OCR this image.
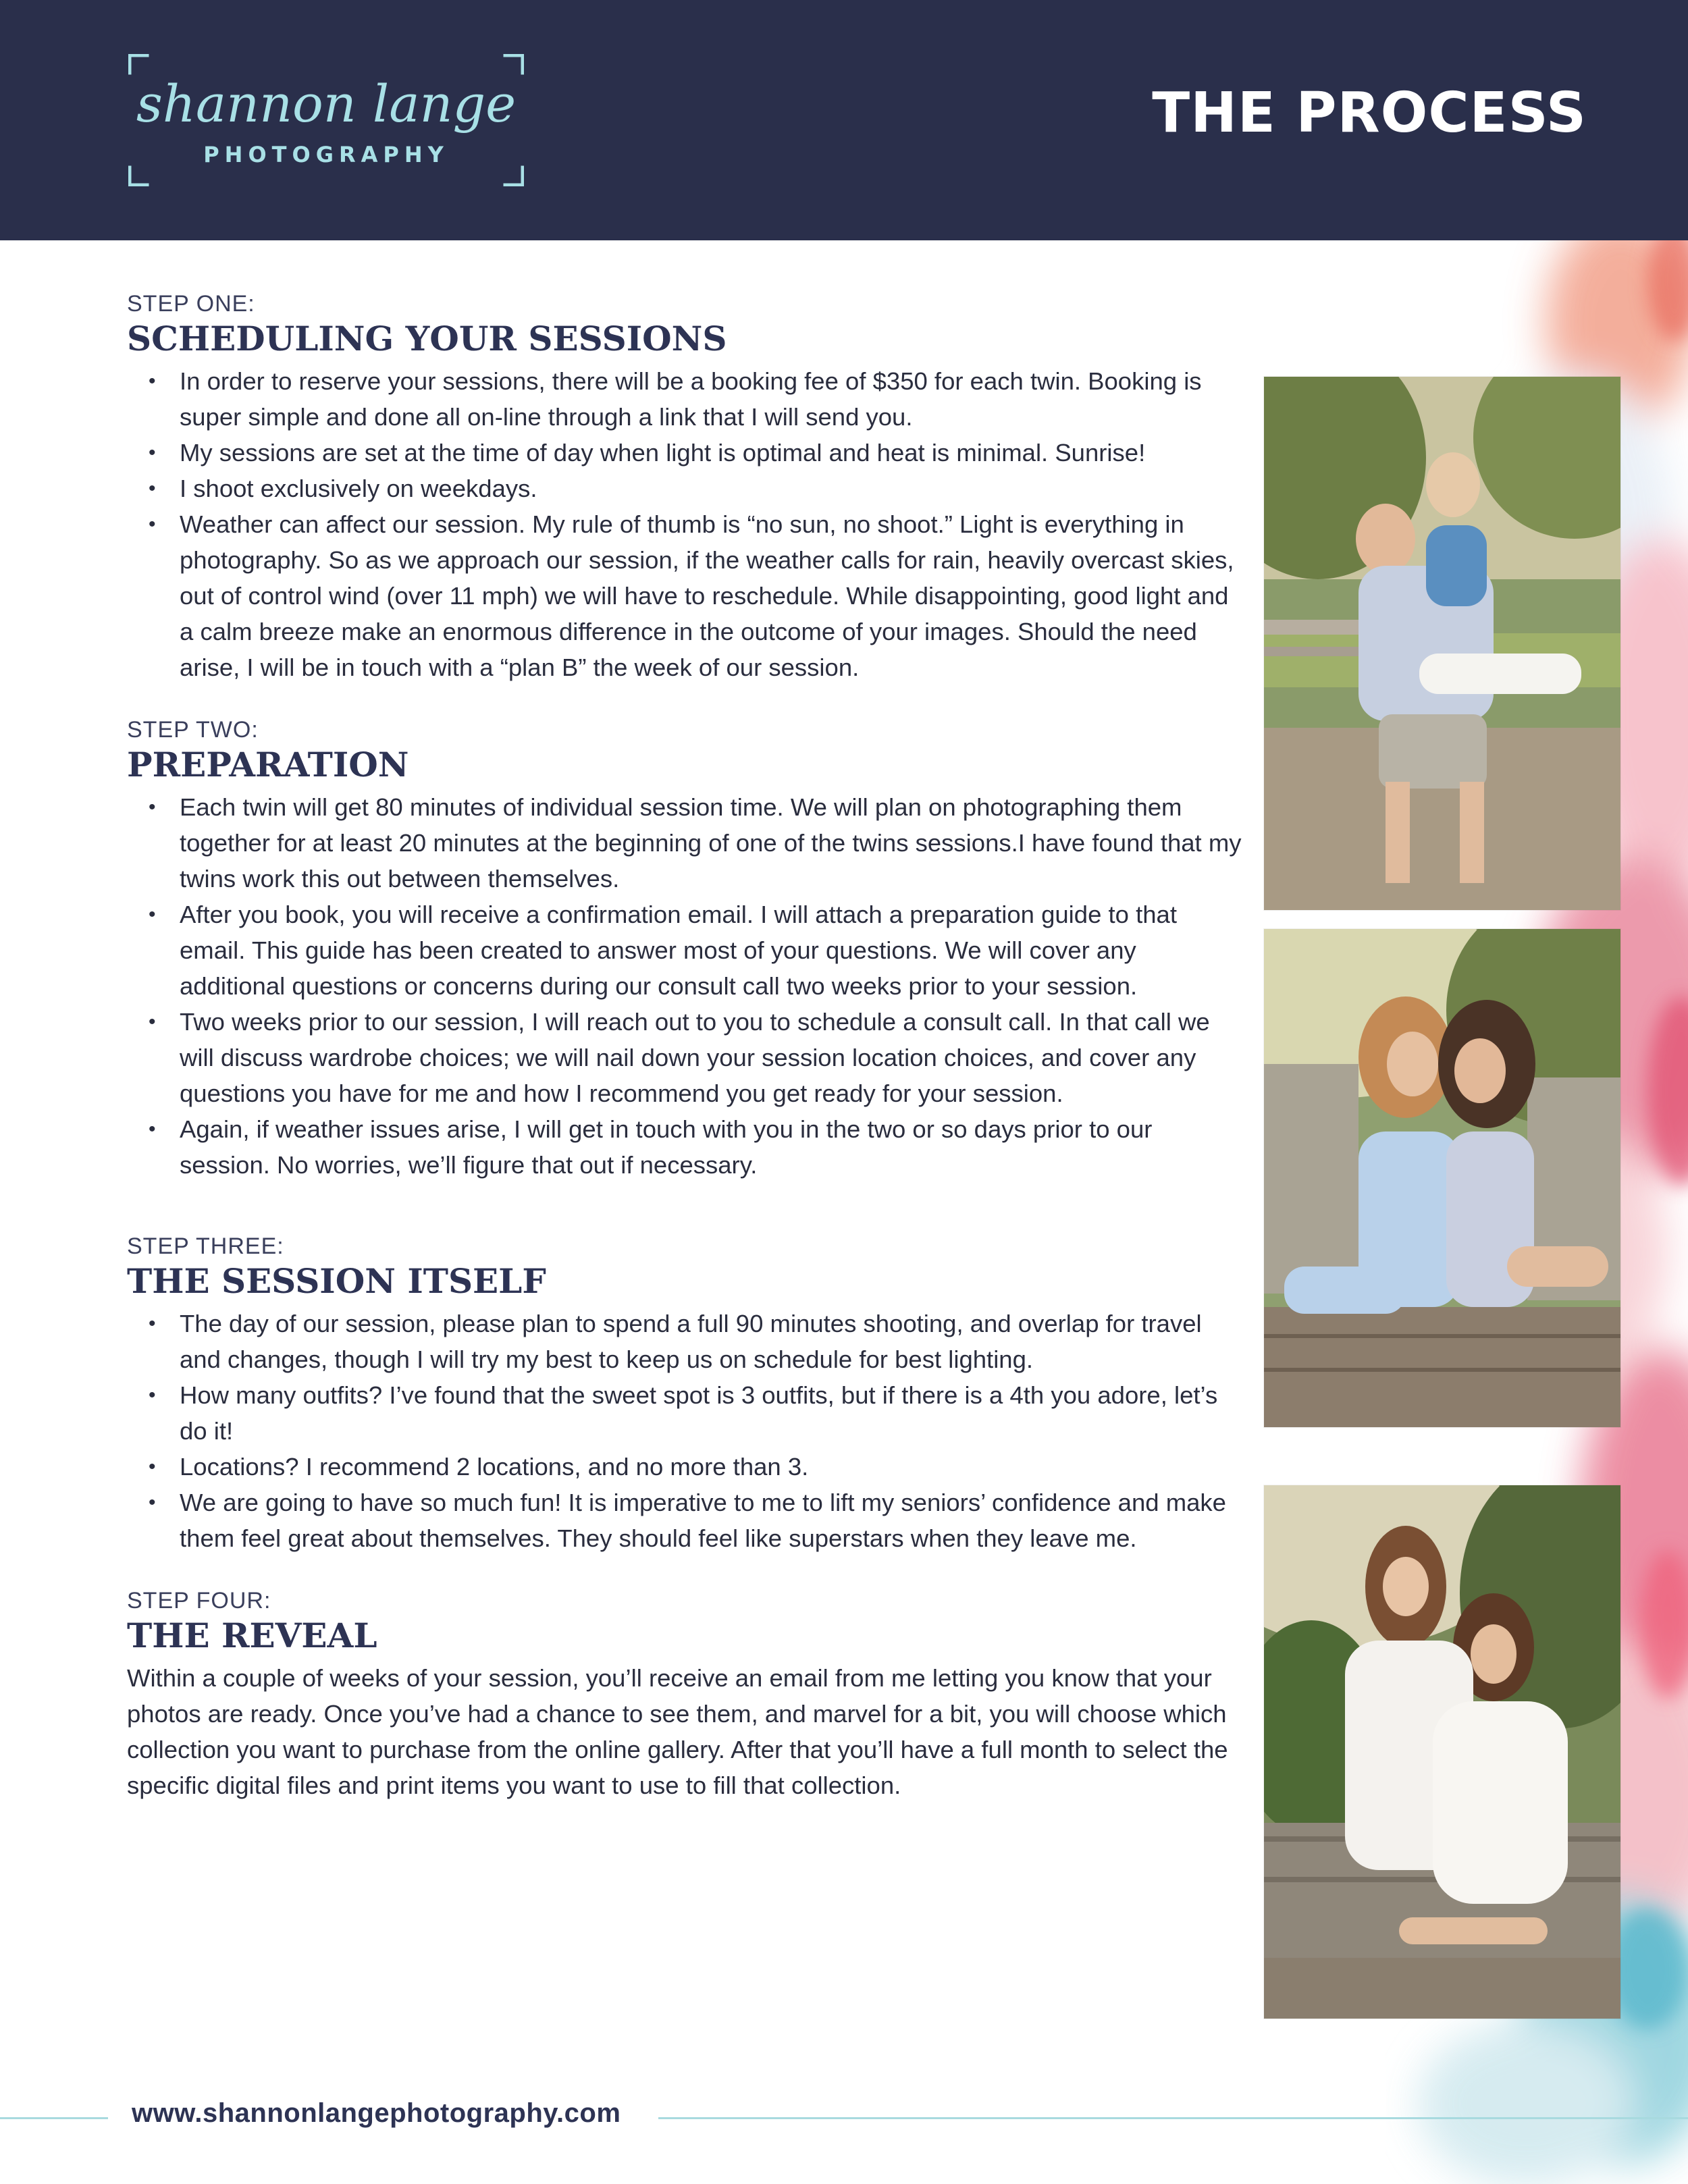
shannon lange
PHOTOGRAPHY
THE PROCESS

STEP ONE:

SCHEDULING YOUR SESSIONS
• In order to reserve your sessions, there will be a booking fee of $350 for each twin. Booking is super simple and done all on-line through a link that I will send you.
• My sessions are set at the time of day when light is optimal and heat is minimal. Sunrise!
• I shoot exclusively on weekdays.
• Weather can affect our session. My rule of thumb is “no sun, no shoot.” Light is everything in photography. So as we approach our session, if the weather calls for rain, heavily overcast skies, out of control wind (over 11 mph) we will have to reschedule. While disappointing, good light and a calm breeze make an enormous difference in the outcome of your images. Should the need arise, I will be in touch with a “plan B” the week of our session.

STEP TWO:

PREPARATION
• Each twin will get 80 minutes of individual session time. We will plan on photographing them together for at least 20 minutes at the beginning of one of the twins sessions.I have found that my twins work this out between themselves.
• After you book, you will receive a confirmation email. I will attach a preparation guide to that email. This guide has been created to answer most of your questions. We will cover any additional questions or concerns during our consult call two weeks prior to your session.
• Two weeks prior to our session, I will reach out to you to schedule a consult call. In that call we will discuss wardrobe choices; we will nail down your session location choices, and cover any questions you have for me and how I recommend you get ready for your session.
• Again, if weather issues arise, I will get in touch with you in the two or so days prior to our session. No worries, we’ll figure that out if necessary.

STEP THREE:

THE SESSION ITSELF
• The day of our session, please plan to spend a full 90 minutes shooting, and overlap for travel and changes, though I will try my best to keep us on schedule for best lighting.
• How many outfits? I’ve found that the sweet spot is 3 outfits, but if there is a 4th you adore, let’s do it!
• Locations? I recommend 2 locations, and no more than 3.
• We are going to have so much fun! It is imperative to me to lift my seniors’ confidence and make them feel great about themselves. They should feel like superstars when they leave me.

STEP FOUR:

THE REVEAL

Within a couple of weeks of your session, you’ll receive an email from me letting you know that your photos are ready. Once you’ve had a chance to see them, and marvel for a bit, you will choose which collection you want to purchase from the online gallery. After that you’ll have a full month to select the specific digital files and print items you want to use to fill that collection.

www.shannonlangephotography.com
